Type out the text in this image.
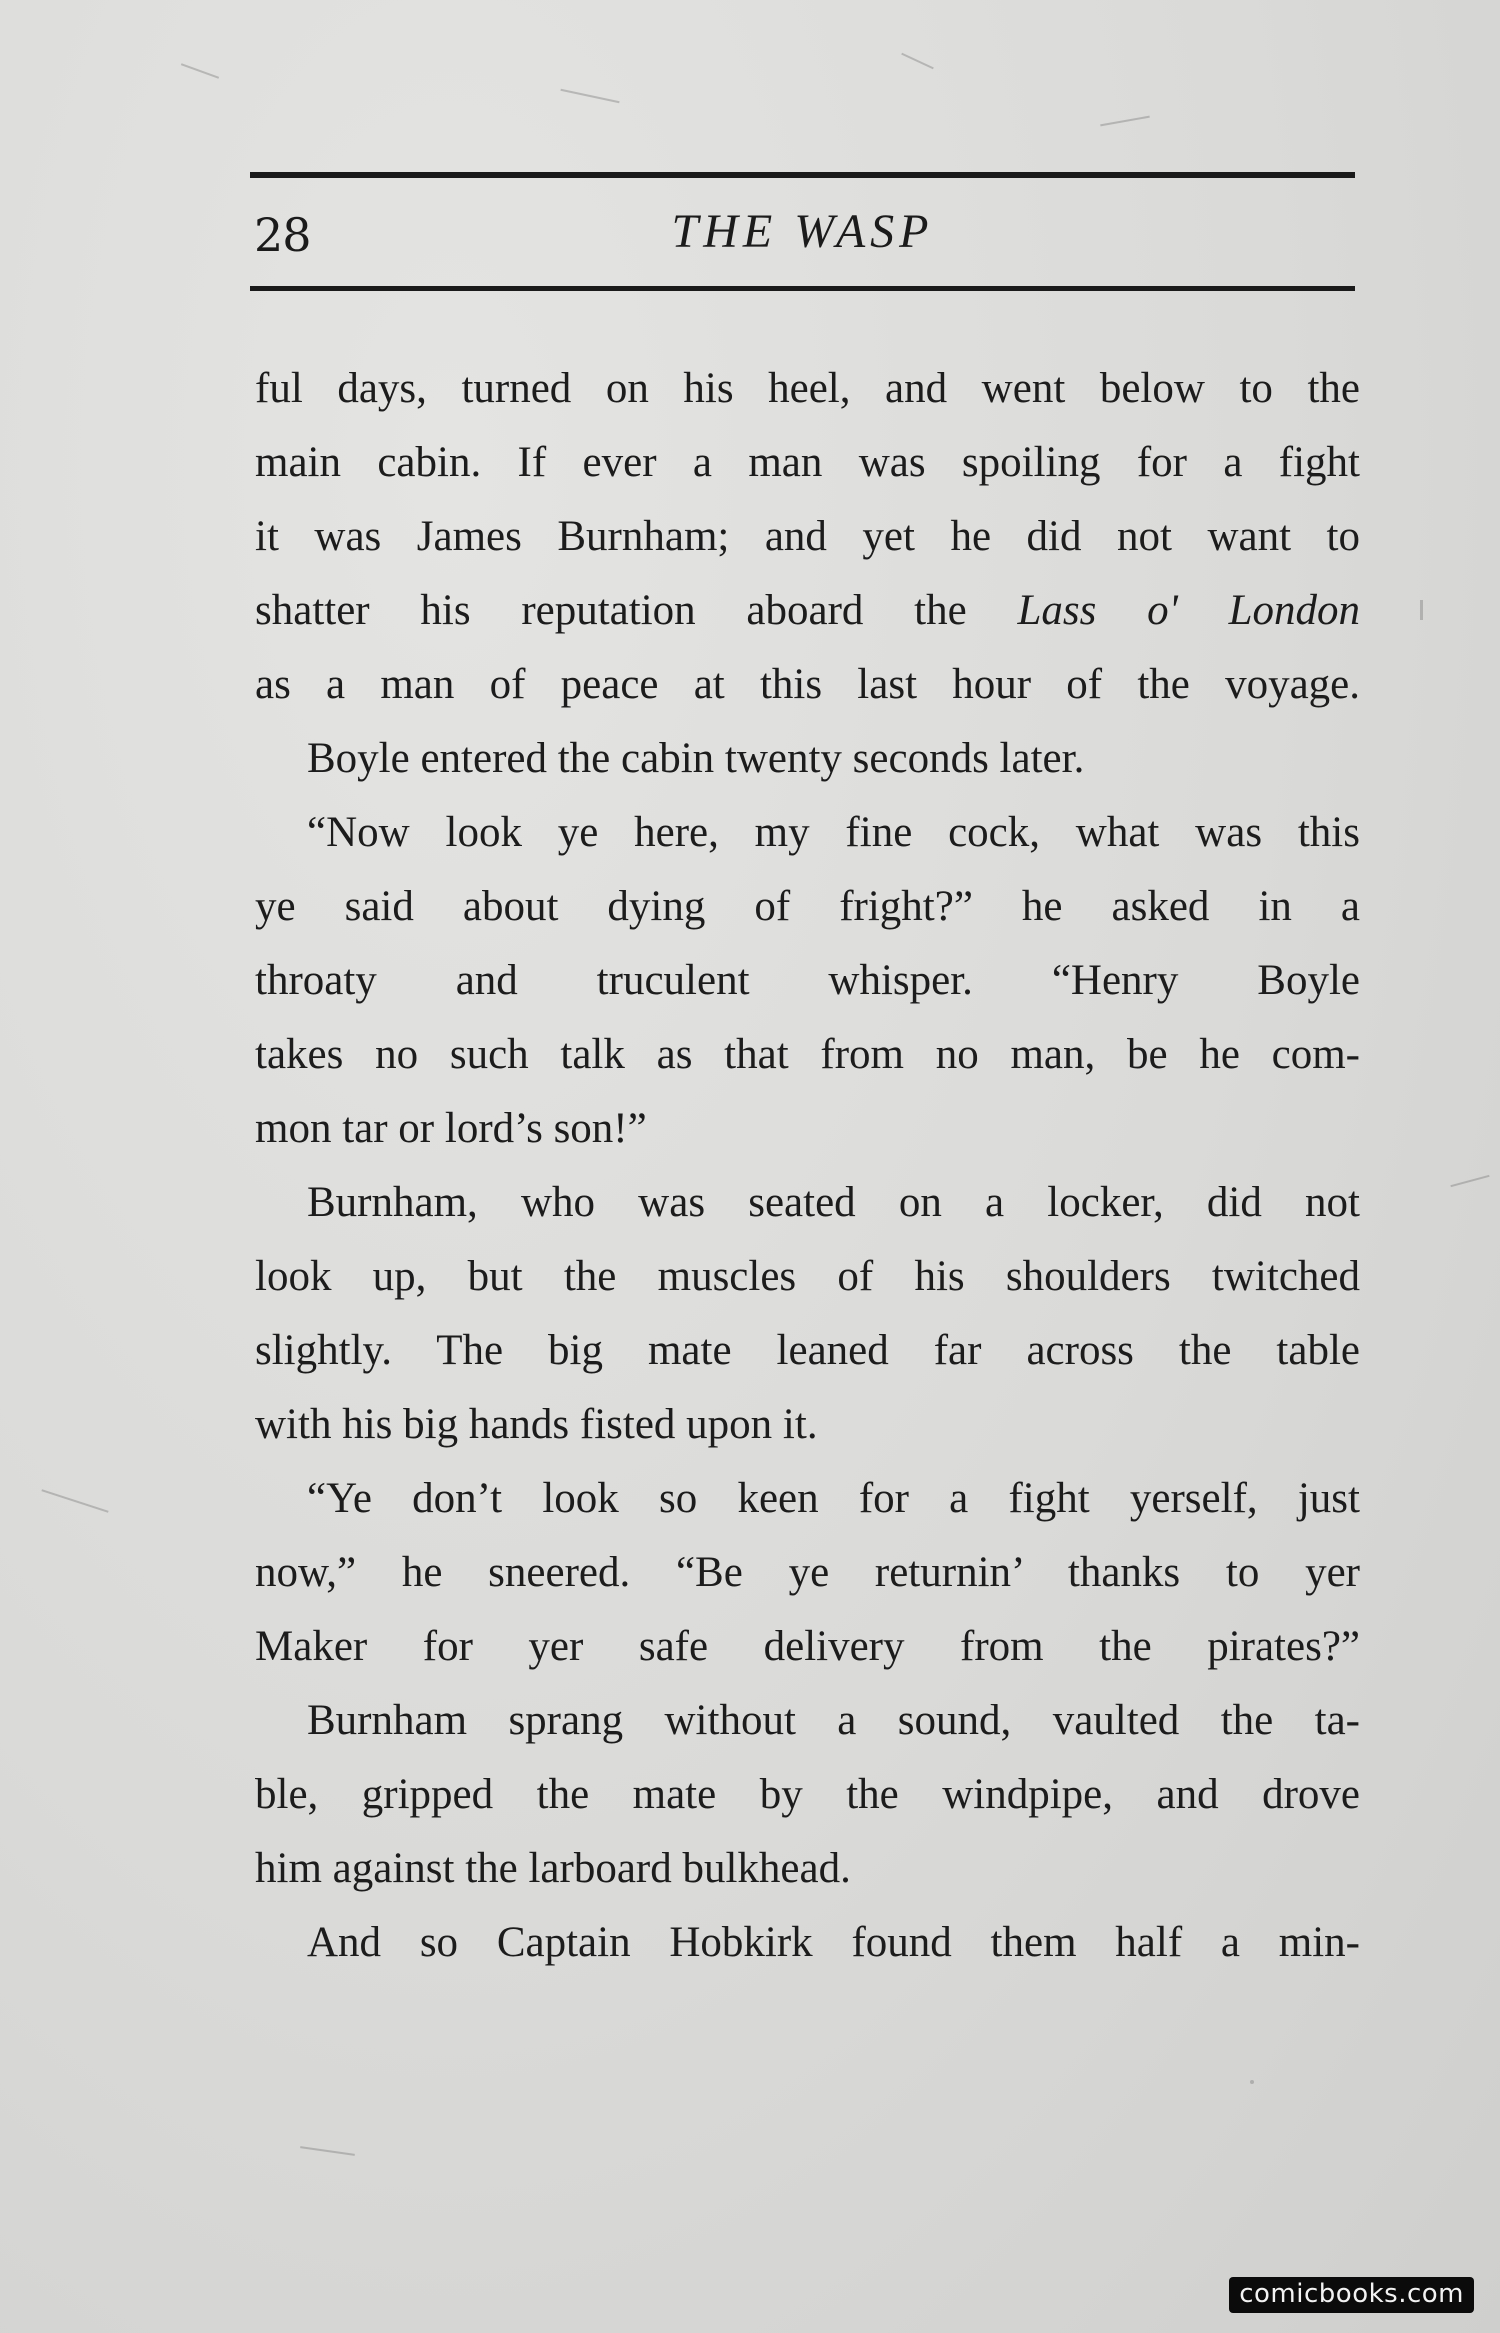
28	THE WASP
ful days, turned on his heel, and went below to the
main cabin. If ever a man was spoiling for a fight
it was James Burnham; and yet he did not want to
shatter his reputation aboard the Lass o' London
as a man of peace at this last hour of the voyage.
Boyle entered the cabin twenty seconds later.
“Now look ye here, my fine cock, what was this
ye said about dying of fright?” he asked in a
throaty and truculent whisper. “Henry Boyle
takes no such talk as that from no man, be he com-
mon tar or lord’s son!”
Burnham, who was seated on a locker, did not
look up, but the muscles of his shoulders twitched
slightly. The big mate leaned far across the table
with his big hands fisted upon it.
“Ye don’t look so keen for a fight yerself, just
now,” he sneered. “Be ye returnin’ thanks to yer
Maker for yer safe delivery from the pirates?”
Burnham sprang without a sound, vaulted the ta-
ble, gripped the mate by the windpipe, and drove
him against the larboard bulkhead.
And so Captain Hobkirk found them half a min-
comicbooks.com
